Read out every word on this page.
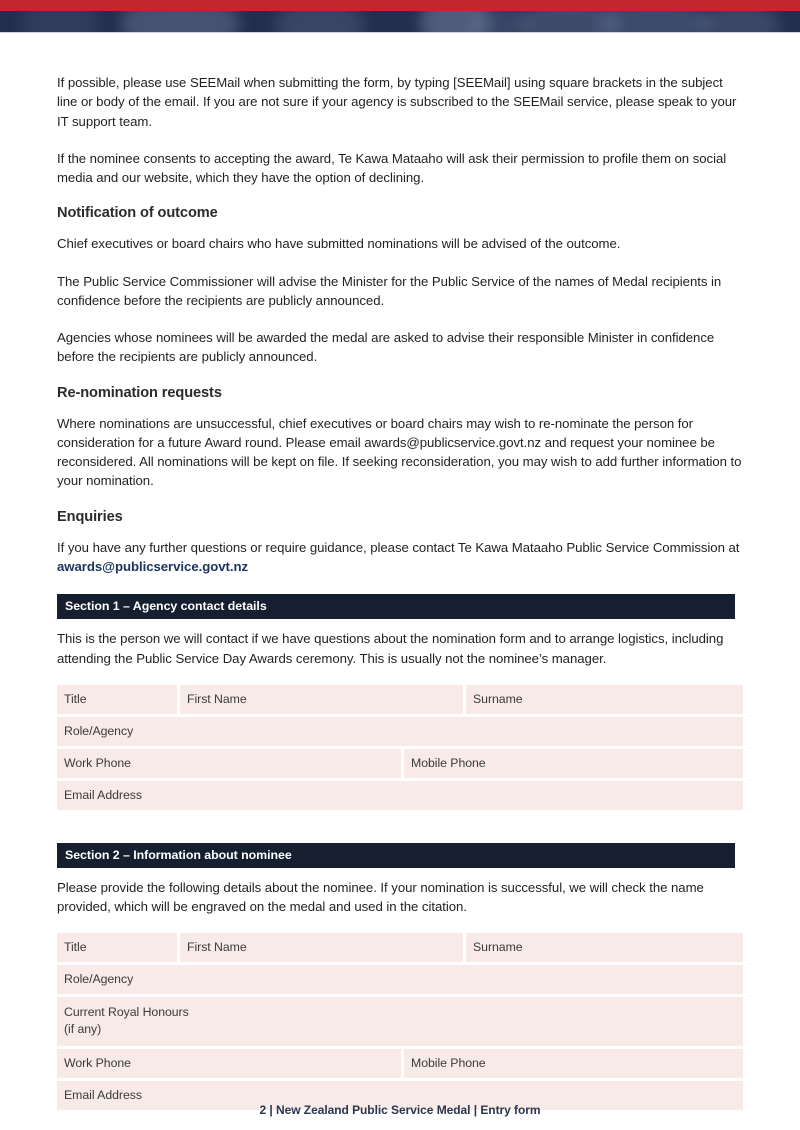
If possible, please use SEEMail when submitting the form, by typing [SEEMail] using square brackets in the subject line or body of the email. If you are not sure if your agency is subscribed to the SEEMail service, please speak to your IT support team.

If the nominee consents to accepting the award, Te Kawa Mataaho will ask their permission to profile them on social media and our website, which they have the option of declining.

Notification of outcome

Chief executives or board chairs who have submitted nominations will be advised of the outcome.

The Public Service Commissioner will advise the Minister for the Public Service of the names of Medal recipients in confidence before the recipients are publicly announced.

Agencies whose nominees will be awarded the medal are asked to advise their responsible Minister in confidence before the recipients are publicly announced.

Re-nomination requests

Where nominations are unsuccessful, chief executives or board chairs may wish to re-nominate the person for consideration for a future Award round. Please email awards@publicservice.govt.nz and request your nominee be reconsidered. All nominations will be kept on file. If seeking reconsideration, you may wish to add further information to your nomination.

Enquiries

If you have any further questions or require guidance, please contact Te Kawa Mataaho Public Service Commission at awards@publicservice.govt.nz

Section 1 – Agency contact details

This is the person we will contact if we have questions about the nomination form and to arrange logistics, including attending the Public Service Day Awards ceremony. This is usually not the nominee’s manager.

Title	First Name	Surname
Role/Agency
Work Phone	Mobile Phone
Email Address
Section 2 – Information about nominee

Please provide the following details about the nominee. If your nomination is successful, we will check the name provided, which will be engraved on the medal and used in the citation.

Title	First Name	Surname
Role/Agency
Current Royal Honours
(if any)
Work Phone	Mobile Phone
Email Address
2 | New Zealand Public Service Medal | Entry form
